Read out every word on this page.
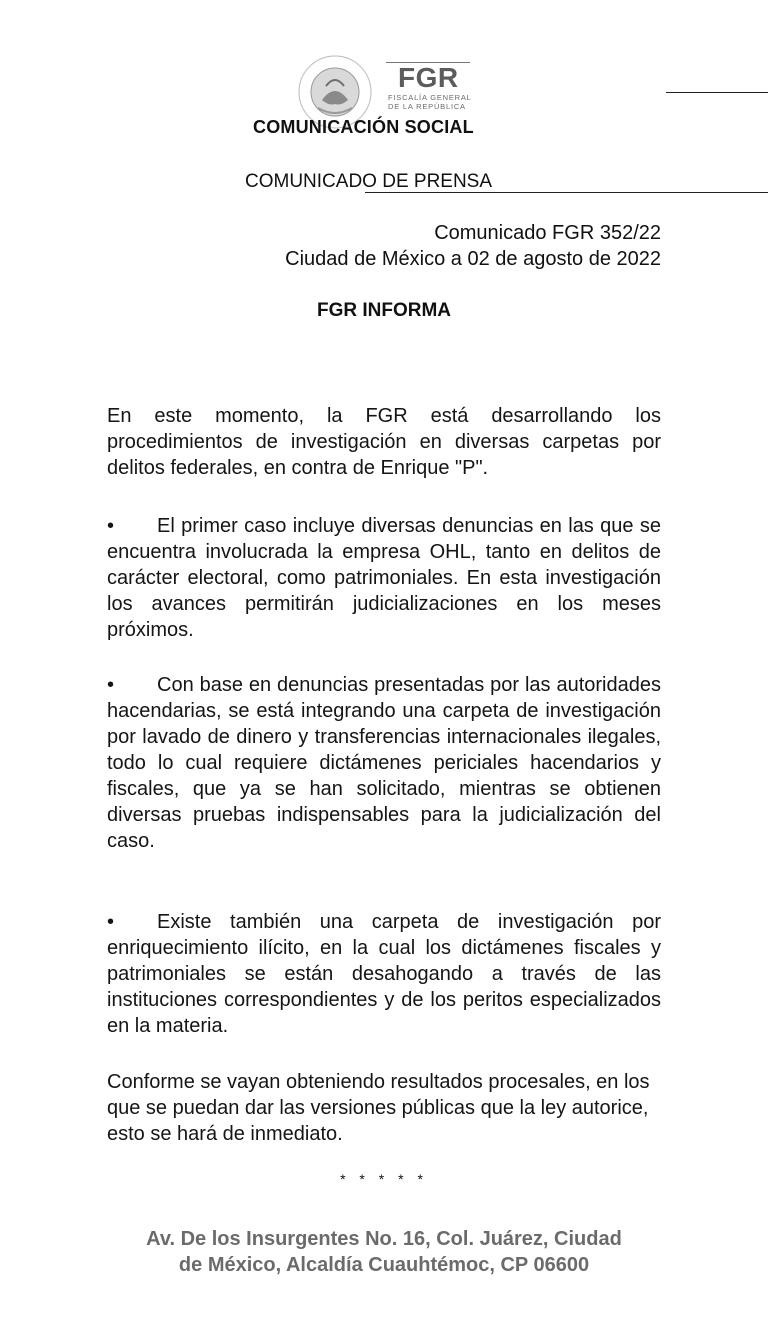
FGR
FISCALÍA GENERAL
DE LA REPÚBLICA
COMUNICACIÓN SOCIAL
COMUNICADO DE PRENSA
Comunicado FGR 352/22
Ciudad de México a 02 de agosto de 2022
FGR INFORMA
En este momento, la FGR está desarrollando los procedimientos de investigación en diversas carpetas por delitos federales, en contra de Enrique "P".
• El primer caso incluye diversas denuncias en las que se encuentra involucrada la empresa OHL, tanto en delitos de carácter electoral, como patrimoniales. En esta investigación los avances permitirán judicializaciones en los meses próximos.
• Con base en denuncias presentadas por las autoridades hacendarias, se está integrando una carpeta de investigación por lavado de dinero y transferencias internacionales ilegales, todo lo cual requiere dictámenes periciales hacendarios y fiscales, que ya se han solicitado, mientras se obtienen diversas pruebas indispensables para la judicialización del caso.
• Existe también una carpeta de investigación por enriquecimiento ilícito, en la cual los dictámenes fiscales y patrimoniales se están desahogando a través de las instituciones correspondientes y de los peritos especializados en la materia.
Conforme se vayan obteniendo resultados procesales, en los que se puedan dar las versiones públicas que la ley autorice, esto se hará de inmediato.
* * * * *
Av. De los Insurgentes No. 16, Col. Juárez, Ciudad
de México, Alcaldía Cuauhtémoc, CP 06600
